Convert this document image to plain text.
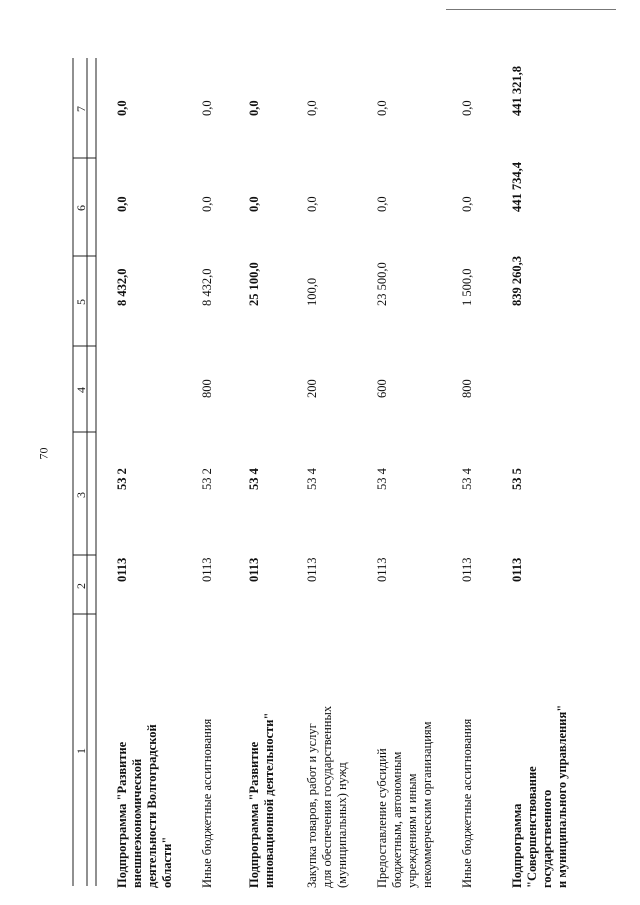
70
1
2
3
4
5
6
7
Подпрограмма "Развитие внешнеэкономической деятельности Волгоградской области"
0113
53 2
8 432,0
0,0
0,0
Иные бюджетные ассигнования
0113
53 2
800
8 432,0
0,0
0,0
Подпрограмма "Развитие инновационной деятельности"
0113
53 4
25 100,0
0,0
0,0
Закупка товаров, работ и услуг для обеспечения государственных (муниципальных) нужд
0113
53 4
200
100,0
0,0
0,0
Предоставление субсидий бюджетным, автономным учреждениям и иным некоммерческим организациям
0113
53 4
600
23 500,0
0,0
0,0
Иные бюджетные ассигнования
0113
53 4
800
1 500,0
0,0
0,0
Подпрограмма "Совершенствование государственного и муниципального управления"
0113
53 5
839 260,3
441 734,4
441 321,8
